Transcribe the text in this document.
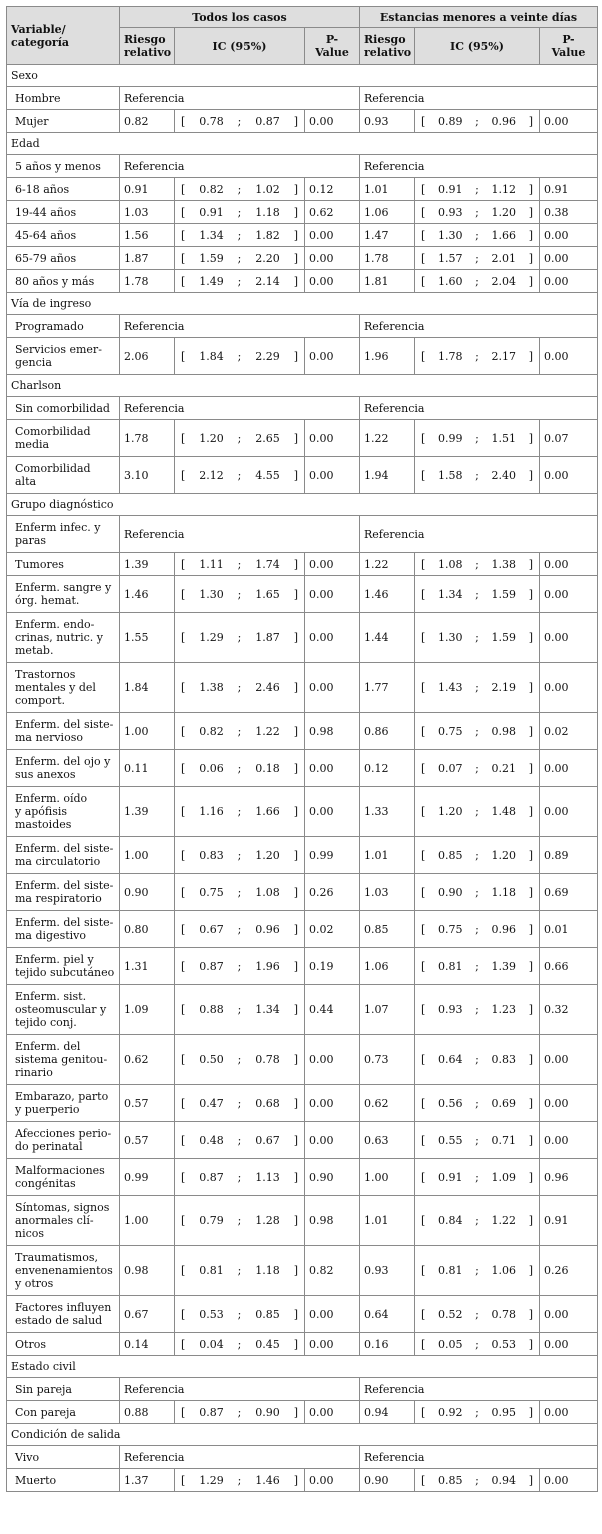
Variable/
categoría	Todos los casos			Estancias menores a veinte días		
	Riesgo relativo	IC (95%)	P- Value	Riesgo relativo	IC (95%)	P- Value
Sexo						
Hombre	Referencia			Referencia		
Mujer	0.82	[ 0.78 ; 0.87 ]	0.00	0.93	[ 0.89 ; 0.96 ]	0.00
Edad						
5 años y menos	Referencia			Referencia		
6-18 años	0.91	[ 0.82 ; 1.02 ]	0.12	1.01	[ 0.91 ; 1.12 ]	0.91
19-44 años	1.03	[ 0.91 ; 1.18 ]	0.62	1.06	[ 0.93 ; 1.20 ]	0.38
45-64 años	1.56	[ 1.34 ; 1.82 ]	0.00	1.47	[ 1.30 ; 1.66 ]	0.00
65-79 años	1.87	[ 1.59 ; 2.20 ]	0.00	1.78	[ 1.57 ; 2.01 ]	0.00
80 años y más	1.78	[ 1.49 ; 2.14 ]	0.00	1.81	[ 1.60 ; 2.04 ]	0.00
Vía de ingreso						
Programado	Referencia			Referencia		
Servicios emer-
gencia	2.06	[ 1.84 ; 2.29 ]	0.00	1.96	[ 1.78 ; 2.17 ]	0.00
Charlson						
Sin comorbilidad	Referencia			Referencia		
Comorbilidad
media	1.78	[ 1.20 ; 2.65 ]	0.00	1.22	[ 0.99 ; 1.51 ]	0.07
Comorbilidad
alta	3.10	[ 2.12 ; 4.55 ]	0.00	1.94	[ 1.58 ; 2.40 ]	0.00
Grupo diagnóstico						
Enferm infec. y
paras	Referencia			Referencia		
Tumores	1.39	[ 1.11 ; 1.74 ]	0.00	1.22	[ 1.08 ; 1.38 ]	0.00
Enferm. sangre y
órg. hemat.	1.46	[ 1.30 ; 1.65 ]	0.00	1.46	[ 1.34 ; 1.59 ]	0.00
Enferm. endo-
crinas, nutric. y
metab.	1.55	[ 1.29 ; 1.87 ]	0.00	1.44	[ 1.30 ; 1.59 ]	0.00
Trastornos
mentales y del
comport.	1.84	[ 1.38 ; 2.46 ]	0.00	1.77	[ 1.43 ; 2.19 ]	0.00
Enferm. del siste-
ma nervioso	1.00	[ 0.82 ; 1.22 ]	0.98	0.86	[ 0.75 ; 0.98 ]	0.02
Enferm. del ojo y
sus anexos	0.11	[ 0.06 ; 0.18 ]	0.00	0.12	[ 0.07 ; 0.21 ]	0.00
Enferm. oído
y apófisis
mastoides	1.39	[ 1.16 ; 1.66 ]	0.00	1.33	[ 1.20 ; 1.48 ]	0.00
Enferm. del siste-
ma circulatorio	1.00	[ 0.83 ; 1.20 ]	0.99	1.01	[ 0.85 ; 1.20 ]	0.89
Enferm. del siste-
ma respiratorio	0.90	[ 0.75 ; 1.08 ]	0.26	1.03	[ 0.90 ; 1.18 ]	0.69
Enferm. del siste-
ma digestivo	0.80	[ 0.67 ; 0.96 ]	0.02	0.85	[ 0.75 ; 0.96 ]	0.01
Enferm. piel y
tejido subcutáneo	1.31	[ 0.87 ; 1.96 ]	0.19	1.06	[ 0.81 ; 1.39 ]	0.66
Enferm. sist.
osteomuscular y
tejido conj.	1.09	[ 0.88 ; 1.34 ]	0.44	1.07	[ 0.93 ; 1.23 ]	0.32
Enferm. del
sistema genitou-
rinario	0.62	[ 0.50 ; 0.78 ]	0.00	0.73	[ 0.64 ; 0.83 ]	0.00
Embarazo, parto
y puerperio	0.57	[ 0.47 ; 0.68 ]	0.00	0.62	[ 0.56 ; 0.69 ]	0.00
Afecciones perio-
do perinatal	0.57	[ 0.48 ; 0.67 ]	0.00	0.63	[ 0.55 ; 0.71 ]	0.00
Malformaciones
congénitas	0.99	[ 0.87 ; 1.13 ]	0.90	1.00	[ 0.91 ; 1.09 ]	0.96
Síntomas, signos
anormales clí-
nicos	1.00	[ 0.79 ; 1.28 ]	0.98	1.01	[ 0.84 ; 1.22 ]	0.91
Traumatismos,
envenenamientos
y otros	0.98	[ 0.81 ; 1.18 ]	0.82	0.93	[ 0.81 ; 1.06 ]	0.26
Factores influyen
estado de salud	0.67	[ 0.53 ; 0.85 ]	0.00	0.64	[ 0.52 ; 0.78 ]	0.00
Otros	0.14	[ 0.04 ; 0.45 ]	0.00	0.16	[ 0.05 ; 0.53 ]	0.00
Estado civil						
Sin pareja	Referencia			Referencia		
Con pareja	0.88	[ 0.87 ; 0.90 ]	0.00	0.94	[ 0.92 ; 0.95 ]	0.00
Condición de salida						
Vivo	Referencia			Referencia		
Muerto	1.37	[ 1.29 ; 1.46 ]	0.00	0.90	[ 0.85 ; 0.94 ]	0.00
